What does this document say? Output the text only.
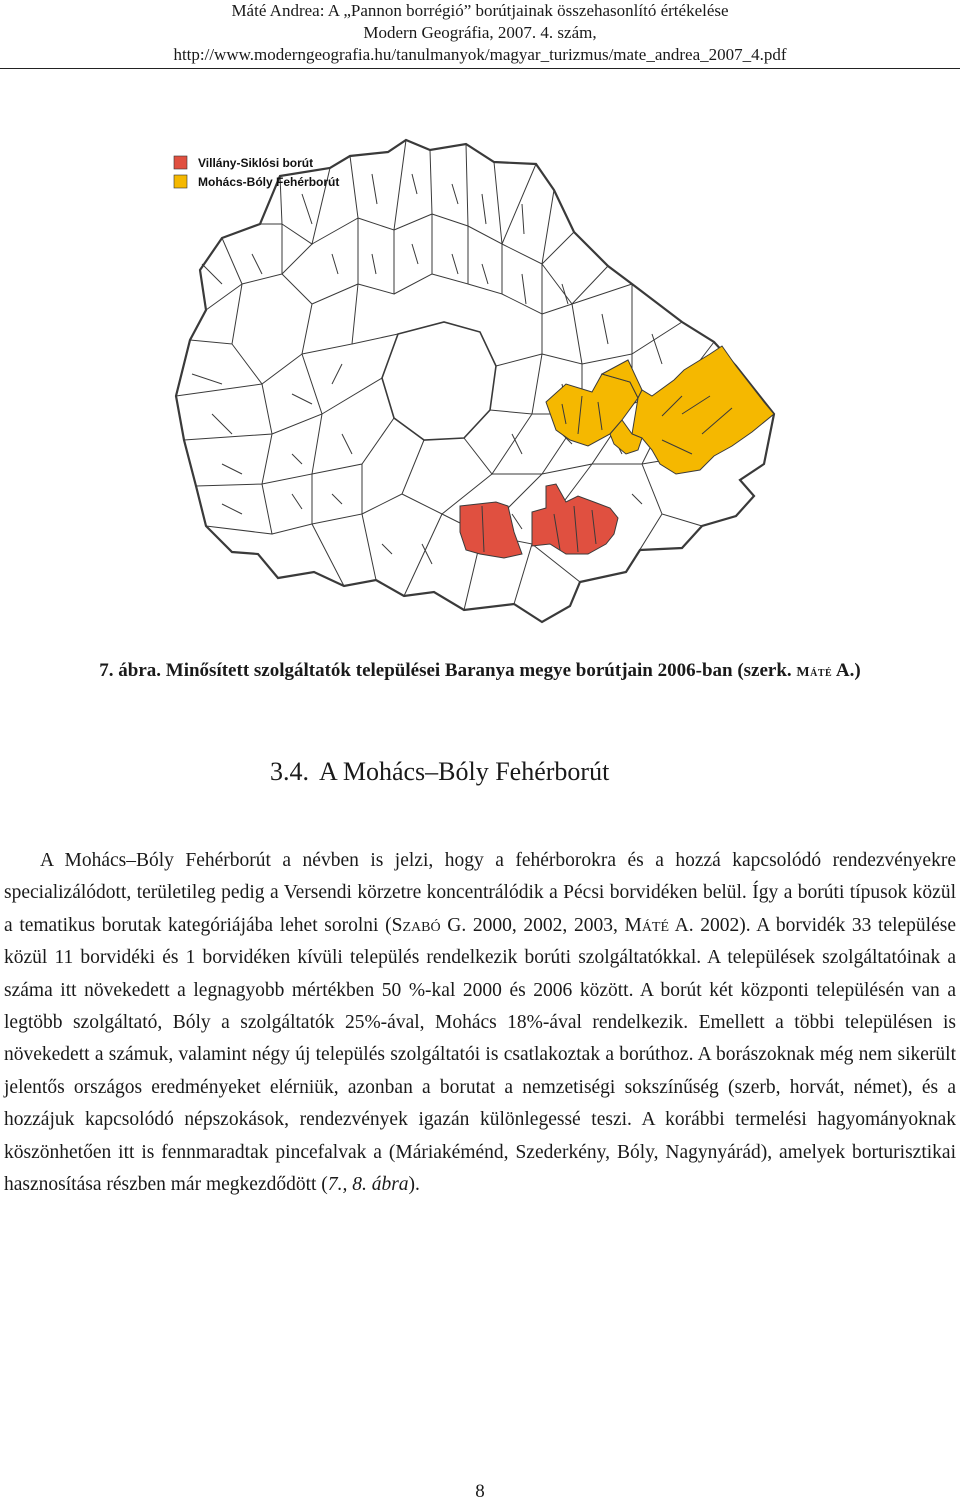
Máté Andrea: A „Pannon borrégió” borútjainak összehasonlító értékelése
Modern Geográfia, 2007. 4. szám,
http://www.moderngeografia.hu/tanulmanyok/magyar_turizmus/mate_andrea_2007_4.pdf
Villány-Siklósi borút
Mohács-Bóly Fehérborút
7. ábra. Minősített szolgáltatók települései Baranya megye borútjain 2006-ban (szerk. Máté A.)
3.4. A Mohács–Bóly Fehérborút

A Mohács–Bóly Fehérborút a névben is jelzi, hogy a fehérborokra és a hozzá kapcsolódó rendezvényekre specializálódott, területileg pedig a Versendi körzetre koncentrálódik a Pécsi borvidéken belül. Így a borúti típusok közül a tematikus borutak kategóriájába lehet sorolni (Szabó G. 2000, 2002, 2003, Máté A. 2002). A borvidék 33 települése közül 11 borvidéki és 1 borvidéken kívüli település rendelkezik borúti szolgáltatókkal. A települések szolgáltatóinak a száma itt növekedett a legnagyobb mértékben 50 %-kal 2000 és 2006 között. A borút két központi településén van a legtöbb szolgáltató, Bóly a szolgáltatók 25%-ával, Mohács 18%-ával rendelkezik. Emellett a többi településen is növekedett a számuk, valamint négy új település szolgáltatói is csatlakoztak a borúthoz. A borászoknak még nem sikerült jelentős országos eredményeket elérniük, azonban a borutat a nemzetiségi sokszínűség (szerb, horvát, német), és a hozzájuk kapcsolódó népszokások, rendezvények igazán különlegessé teszi. A korábbi termelési hagyományoknak köszönhetően itt is fennmaradtak pincefalvak a (Máriakéménd, Szederkény, Bóly, Nagynyárád), amelyek borturisztikai hasznosítása részben már megkezdődött (7., 8. ábra).

8
